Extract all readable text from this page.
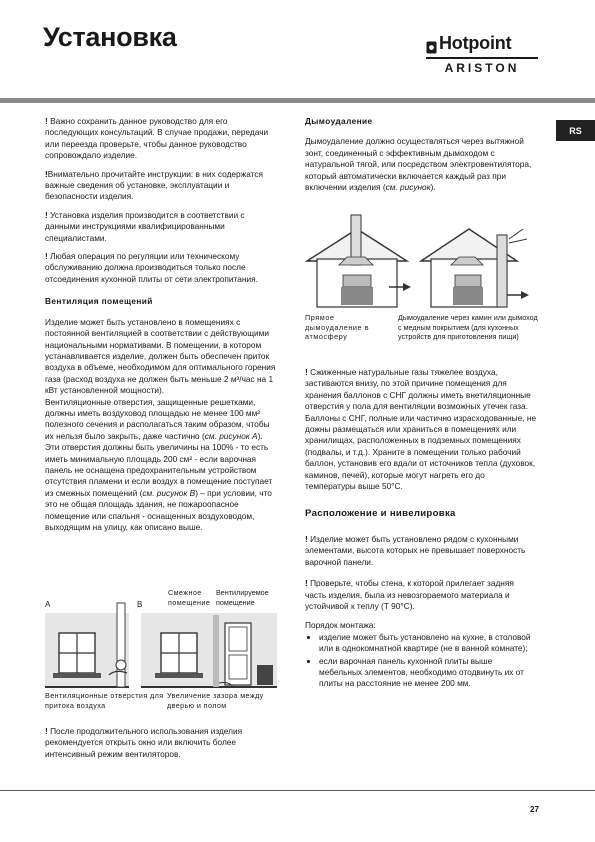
Установка	Hotpoint
ARISTON
RS

! Важно сохранить данное руководство для его последующих консультаций. В случае продажи, передачи или переезда проверьте, чтобы данное руководство сопровождало изделие.

!Внимательно прочитайте инструкции: в них содержатся важные сведения об установке, эксплуатации и безопасности изделия.

! Установка изделия производится в соответствии с данными инструкциями квалифицированными специалистами.

! Любая операция по регуляции или техническому обслуживанию должна производиться только после отсоединения кухонной плиты от сети электропитания.

Вентиляция помещений
Изделие может быть установлено в помещениях с постоянной вентиляцией в соответствии с действующими национальными нормативами. В помещении, в котором устанавливается изделие, должен быть обеспечен приток воздуха в объеме, необходимом для оптимального горения газа (расход воздуха не должен быть меньше 2 м³/час на 1 кВт установленной мощности).
Вентиляционные отверстия, защищенные решетками, должны иметь воздуховод площадью не менее 100 мм² полезного сечения и располагаться таким образом, чтобы их нельзя было закрыть, даже частично (см. рисунок А).
Эти отверстия должны быть увеличины на 100% - то есть иметь минимальную площадь 200 см² - если варочная панель не оснащена предохранительным устройством отсутствия пламени и если воздух в помещение поступает из смежных помещений (см. рисунок В) – при условии, что это не общая площадь здания, не пожароопасное помещение или спальня - оснащенных воздуховодом, выходящим на улицу, как описано выше.
A	B
Смежное помещение
Вентилируемое помещение
Вентиляционные отверстия для притока воздуха
Увеличение зазора между дверью и полом
! После продолжительного использования изделия рекомендуется открыть окно или включить более интенсивный режим вентиляторов.
Дымоудаление
Дымоудаление должно осуществляться через вытяжной зонт, соединенный с эффективным дымоходом с натуральной тягой, или посредством электровентилятора, который автоматически включается каждый раз при включении изделия (см. рисунок).
Прямое дымоудаление в атмосферу
Дымоудаление через камин или дымоход с медным покрытием (для кухонных устройств для приготовления пищи)
! Сжиженные натуральные газы тяжелее воздуха, застиваются внизу, по этой причине помещения для хранения баллонов с СНГ должны иметь внетиляционные отверстия у пола для вентиляции возможных утечек газа.
Баллоны с СНГ, полные или частично израсходованные, не дожны размещаться или храниться в помещениях или хранилищах, расположенных в подземных помещениях (подвалы, и т.д.). Храните в помещении только рабочий баллон, установив его вдали от источников тепла (духовок, каминов, печей), которые могут нагреть его до температуры выше 50°C.
Расположение и нивелировка

! Изделие может быть установлено рядом с кухонными элементами, высота которых не превышает поверхность варочной панели.

! Проверьте, чтобы стена, к которой прилегает задняя часть изделия, была из невозгораемого материала и устойчивой к теплу (Т 90°С).

Порядок монтажа:
• изделие может быть установлено на кухне, в столовой или в однокомнатной квартире (не в ванной комнате);
• если варочная панель кухонной плиты выше мебельных элементов, необходимо отодвинуть их от плиты на расстояние не менее 200 мм.
27
